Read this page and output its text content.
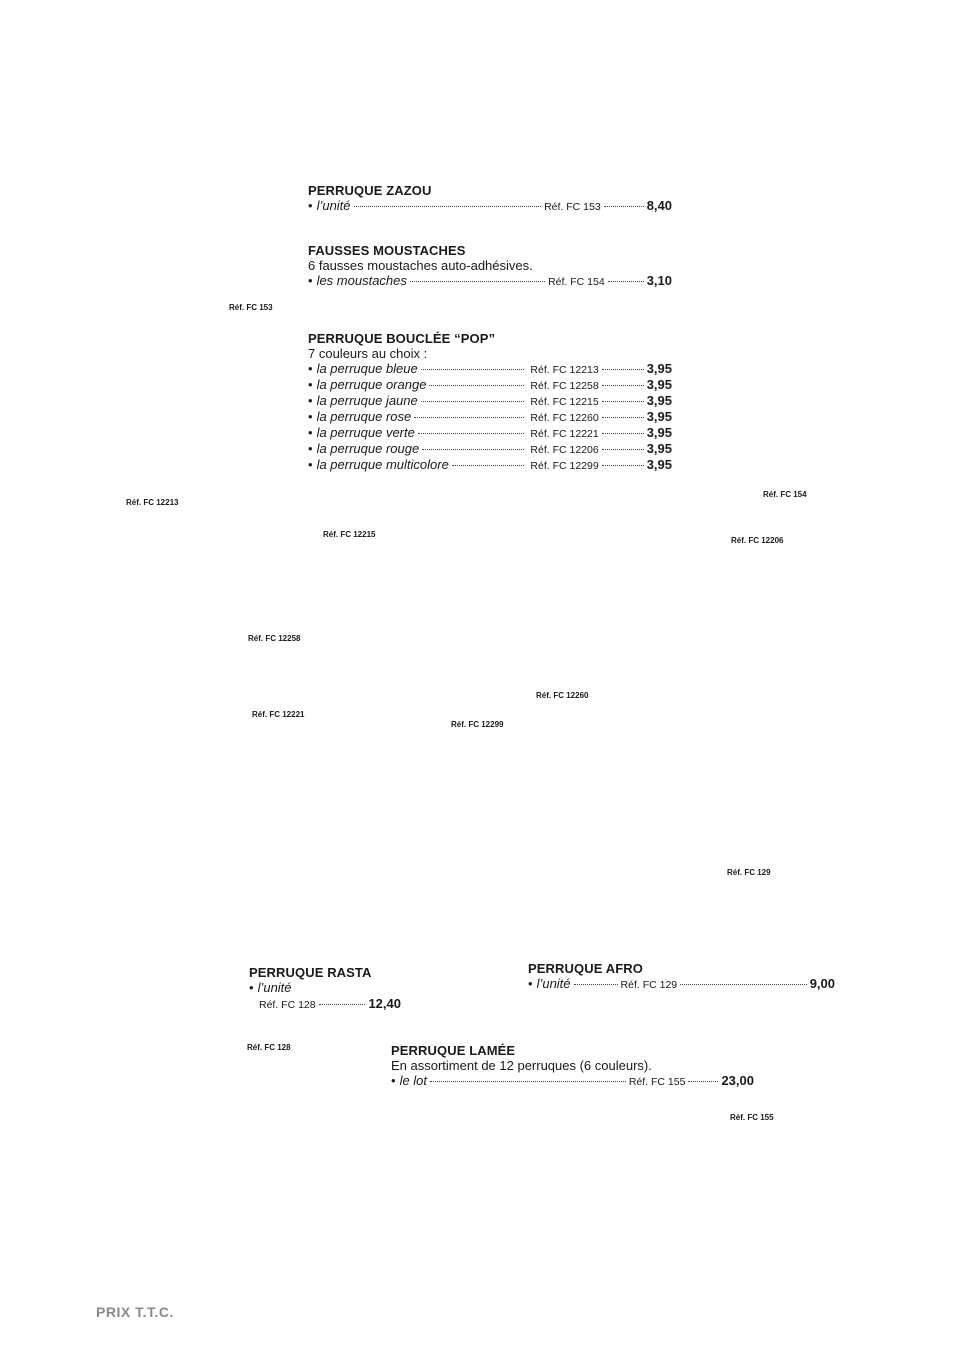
PERRUQUE ZAZOU
• l’unité	Réf. FC 153	8,40
FAUSSES MOUSTACHES
6 fausses moustaches auto-adhésives.
• les moustaches	Réf. FC 154	3,10
PERRUQUE BOUCLÉE “POP”
7 couleurs au choix :
• la perruque bleue	Réf. FC 12213	3,95
• la perruque orange	Réf. FC 12258	3,95
• la perruque jaune	Réf. FC 12215	3,95
• la perruque rose	Réf. FC 12260	3,95
• la perruque verte	Réf. FC 12221	3,95
• la perruque rouge	Réf. FC 12206	3,95
• la perruque multicolore	Réf. FC 12299	3,95
PERRUQUE RASTA
• l’unité
Réf. FC 128	12,40
PERRUQUE AFRO
• l’unité	Réf. FC 129	9,00
PERRUQUE LAMÉE
En assortiment de 12 perruques (6 couleurs).
• le lot	Réf. FC 155	23,00
Réf. FC 153
Réf. FC 12213
Réf. FC 154
Réf. FC 12215
Réf. FC 12206
Réf. FC 12258
Réf. FC 12260
Réf. FC 12221
Réf. FC 12299
Réf. FC 129
Réf. FC 128
Réf. FC 155
PRIX T.T.C.
